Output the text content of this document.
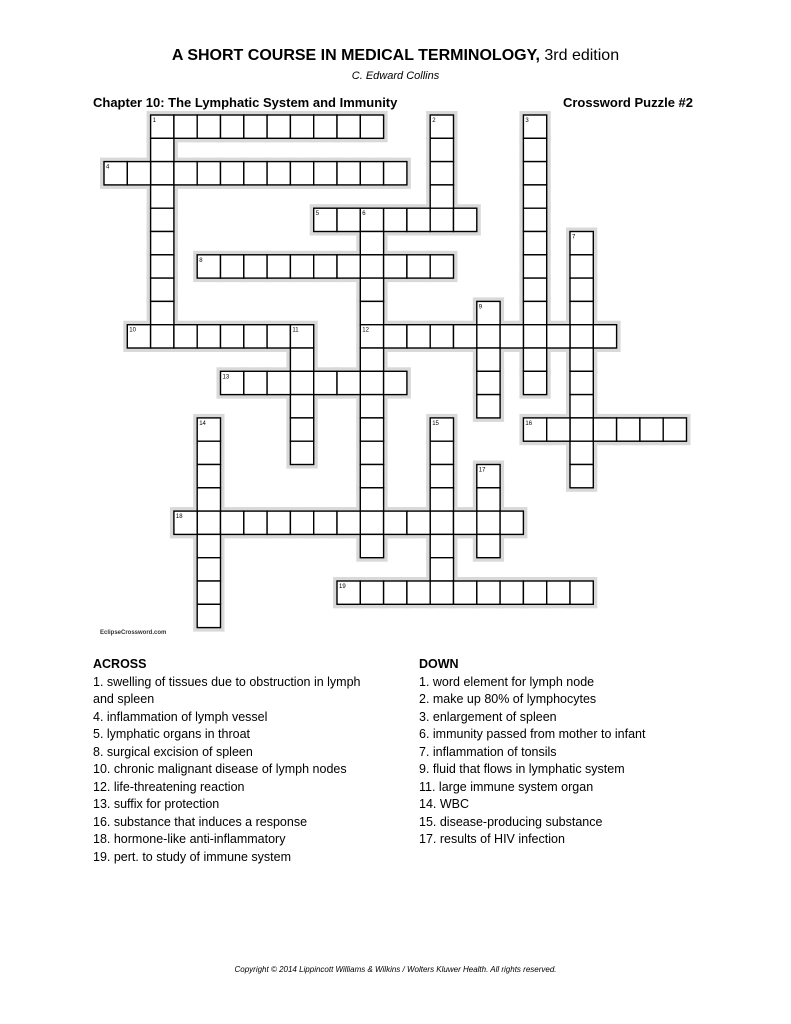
A SHORT COURSE IN MEDICAL TERMINOLOGY, 3rd edition
C. Edward Collins
Chapter 10: The Lymphatic System and Immunity	Crossword Puzzle #2
1	2	3
4
5	6
7
8
9
10	11	12
13
14	15	16
17
18
19
EclipseCrossword.com
ACROSS
1. swelling of tissues due to obstruction in lymph and spleen
4. inflammation of lymph vessel
5. lymphatic organs in throat
8. surgical excision of spleen
10. chronic malignant disease of lymph nodes
12. life-threatening reaction
13. suffix for protection
16. substance that induces a response
18. hormone-like anti-inflammatory
19. pert. to study of immune system
DOWN
1. word element for lymph node
2. make up 80% of lymphocytes
3. enlargement of spleen
6. immunity passed from mother to infant
7. inflammation of tonsils
9. fluid that flows in lymphatic system
11. large immune system organ
14. WBC
15. disease-producing substance
17. results of HIV infection
Copyright © 2014 Lippincott Williams & Wilkins / Wolters Kluwer Health. All rights reserved.
